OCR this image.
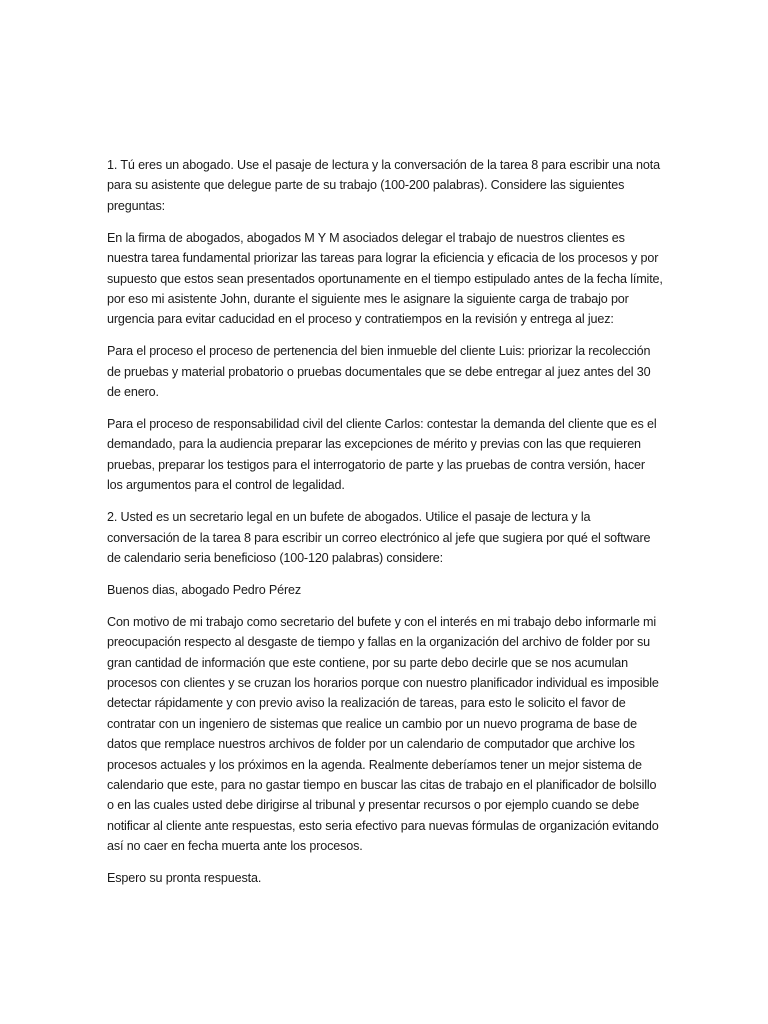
1. Tú eres un abogado. Use el pasaje de lectura y la conversación de la tarea 8 para escribir una nota para su asistente que delegue parte de su trabajo (100-200 palabras). Considere las siguientes preguntas:

En la firma de abogados, abogados M Y M asociados delegar el trabajo de nuestros clientes es nuestra tarea fundamental priorizar las tareas para lograr la eficiencia y eficacia de los procesos y por supuesto que estos sean presentados oportunamente en el tiempo estipulado antes de la fecha límite, por eso mi asistente John, durante el siguiente mes le asignare la siguiente carga de trabajo por urgencia para evitar caducidad en el proceso y contratiempos en la revisión y entrega al juez:

Para el proceso el proceso de pertenencia del bien inmueble del cliente Luis: priorizar la recolección de pruebas y material probatorio o pruebas documentales que se debe entregar al juez antes del 30 de enero.

Para el proceso de responsabilidad civil del cliente Carlos: contestar la demanda del cliente que es el demandado, para la audiencia preparar las excepciones de mérito y previas con las que requieren pruebas, preparar los testigos para el interrogatorio de parte y las pruebas de contra versión, hacer los argumentos para el control de legalidad.

2. Usted es un secretario legal en un bufete de abogados. Utilice el pasaje de lectura y la conversación de la tarea 8 para escribir un correo electrónico al jefe que sugiera por qué el software de calendario seria beneficioso (100-120 palabras) considere:

Buenos dias, abogado Pedro Pérez

Con motivo de mi trabajo como secretario del bufete y con el interés en mi trabajo debo informarle mi preocupación respecto al desgaste de tiempo y fallas en la organización del archivo de folder por su gran cantidad de información que este contiene, por su parte debo decirle que se nos acumulan procesos con clientes y se cruzan los horarios porque con nuestro planificador individual es imposible detectar rápidamente y con previo aviso la realización de tareas, para esto le solicito el favor de contratar con un ingeniero de sistemas que realice un cambio por un nuevo programa de base de datos que remplace nuestros archivos de folder por un calendario de computador que archive los procesos actuales y los próximos en la agenda. Realmente deberíamos tener un mejor sistema de calendario que este, para no gastar tiempo en buscar las citas de trabajo en el planificador de bolsillo o en las cuales usted debe dirigirse al tribunal y presentar recursos o por ejemplo cuando se debe notificar al cliente ante respuestas, esto seria efectivo para nuevas fórmulas de organización evitando así no caer en fecha muerta ante los procesos.

Espero su pronta respuesta.
